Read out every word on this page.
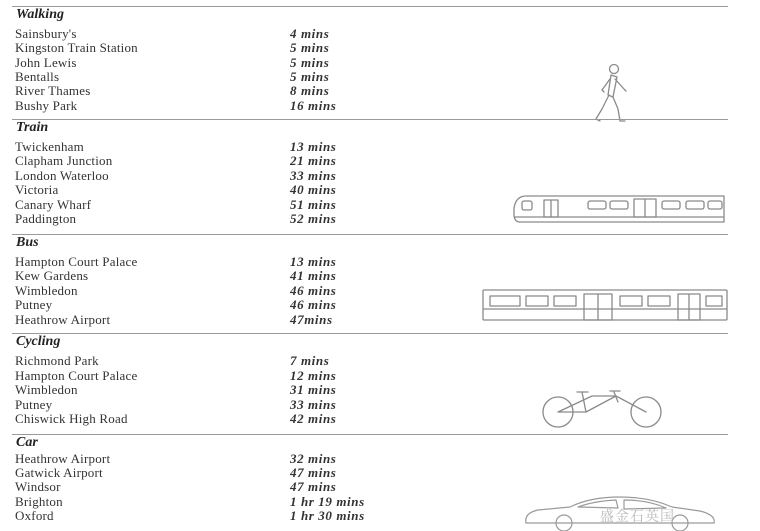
Walking
Sainsbury's	4 mins
Kingston Train Station	5 mins
John Lewis	5 mins
Bentalls	5 mins
River Thames	8 mins
Bushy Park	16 mins
Train
Twickenham	13 mins
Clapham Junction	21 mins
London Waterloo	33 mins
Victoria	40 mins
Canary Wharf	51 mins
Paddington	52 mins
Bus
Hampton Court Palace	13 mins
Kew Gardens	41 mins
Wimbledon	46 mins
Putney	46 mins
Heathrow Airport	47mins
Cycling
Richmond Park	7 mins
Hampton Court Palace	12 mins
Wimbledon	31 mins
Putney	33 mins
Chiswick High Road	42 mins
Car
Heathrow Airport	32 mins
Gatwick Airport	47 mins
Windsor	47 mins
Brighton	1 hr 19 mins
Oxford	1 hr 30 mins	盛金石英国
